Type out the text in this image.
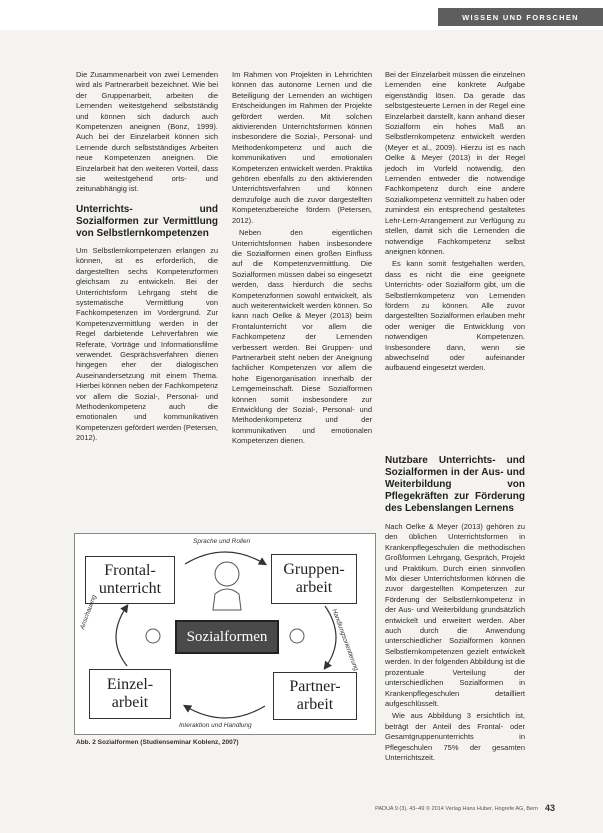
WISSEN UND FORSCHEN

Die Zusammenarbeit von zwei Lernenden wird als Partnerarbeit bezeichnet. Wie bei der Gruppenarbeit, arbeiten die Lernenden weitestgehend selbstständig und können sich dadurch auch Kompetenzen aneignen (Bonz, 1999). Auch bei der Einzelarbeit können sich Lernende durch selbstständiges Arbeiten neue Kompetenzen aneignen. Die Einzelarbeit hat den weiteren Vorteil, dass sie weitestgehend orts- und zeitunabhängig ist.

Unterrichts- und Sozialformen zur Vermittlung von Selbstlernkompetenzen

Um Selbstlernkompetenzen erlangen zu können, ist es erforderlich, die dargestellten sechs Kompetenzformen gleichsam zu entwickeln. Bei der Unterrichtsform Lehrgang steht die systematische Vermittlung von Fachkompetenzen im Vordergrund. Zur Kompetenzvermittlung werden in der Regel darbietende Lehrverfahren wie Referate, Vorträge und Informationsfilme verwendet. Gesprächsverfahren dienen hingegen eher der dialogischen Auseinandersetzung mit einem Thema. Hierbei können neben der Fachkompetenz vor allem die Sozial-, Personal- und Methodenkompetenz auch die emotionalen und kommunikativen Kompetenzen gefördert werden (Petersen, 2012).

Im Rahmen von Projekten in Lehrrichten können das autonome Lernen und die Beteiligung der Lernenden an wichtigen Entscheidungen im Rahmen der Projekte gefördert werden. Mit solchen aktivierenden Unterrichtsformen können insbesondere die Sozial-, Personal- und Methodenkompetenz und auch die kommunikativen und emotionalen Kompetenzen entwickelt werden. Praktika gehören ebenfalls zu den aktivierenden Unterrichtsverfahren und können demzufolge auch die zuvor dargestellten Kompetenzbereiche fördern (Petersen, 2012).

Neben den eigentlichen Unterrichtsformen haben insbesondere die Sozialformen einen großen Einfluss auf die Kompetenzvermittlung. Die Sozialformen müssen dabei so eingesetzt werden, dass hierdurch die sechs Kompetenzformen sowohl entwickelt, als auch weiterentwickelt werden können. So kann nach Oelke & Meyer (2013) beim Frontalunterricht vor allem die Fachkompetenz der Lernenden verbessert werden. Bei Gruppen- und Partnerarbeit steht neben der Aneignung fachlicher Kompetenzen vor allem die hohe Eigenorganisation innerhalb der Lerngemeinschaft. Diese Sozialformen können somit insbesondere zur Entwicklung der Sozial-, Personal- und Methodenkompetenz und der kommunikativen und emotionalen Kompetenzen dienen.

Bei der Einzelarbeit müssen die einzelnen Lernenden eine konkrete Aufgabe eigenständig lösen. Da gerade das selbstgesteuerte Lernen in der Regel eine Einzelarbeit darstellt, kann anhand dieser Sozialform ein hohes Maß an Selbstlernkompetenz entwickelt werden (Meyer et al., 2009). Hierzu ist es nach Oelke & Meyer (2013) in der Regel jedoch im Vorfeld notwendig, den Lernenden entweder die notwendige Fachkompetenz durch eine andere Sozialkompetenz vermittelt zu haben oder zumindest ein entsprechend gestaltetes Lehr-Lern-Arrangement zur Verfügung zu stellen, damit sich die Lernenden die notwendige Fachkompetenz selbst aneignen können.

Es kann somit festgehalten werden, dass es nicht die eine geeignete Unterrichts- oder Sozialform gibt, um die Selbstlernkompetenz von Lernenden fördern zu können. Alle zuvor dargestellten Sozialformen erlauben mehr oder weniger die Entwicklung von notwendigen Kompetenzen. Insbesondere dann, wenn sie abwechselnd oder aufeinander aufbauend eingesetzt werden.

Nutzbare Unterrichts- und Sozialformen in der Aus- und Weiterbildung von Pflegekräften zur Förderung des Lebenslangen Lernens

Nach Oelke & Meyer (2013) gehören zu den üblichen Unterrichtsformen in Krankenpflegeschulen die methodischen Großformen Lehrgang, Gespräch, Projekt und Praktikum. Durch einen sinnvollen Mix dieser Unterrichtsformen können die zuvor dargestellten Kompetenzen zur Förderung der Selbstlernkompetenz in der Aus- und Weiterbildung grundsätzlich entwickelt und erweitert werden. Aber auch durch die Anwendung unterschiedlicher Sozialformen können Selbstlernkompetenzen gezielt entwickelt werden. In der folgenden Abbildung ist die prozentuale Verteilung der unterschiedlichen Sozialformen in Krankenpflegeschulen detailliert aufgeschlüsselt.

Wie aus Abbildung 3 ersichtlich ist, beträgt der Anteil des Frontal- oder Gesamtgruppenunterrichts in Pflegeschulen 75% der gesamten Unterrichtszeit.

Frontal-
unterricht
Gruppen-
arbeit
Einzel-
arbeit
Partner-
arbeit
Sozialformen
Sprache und Rollen
Anschauung	Handlungsorientierung
Interaktion und Handlung
Abb. 2 Sozialformen (Studienseminar Koblenz, 2007)
PADUA 9 (3), 43–49 © 2014 Verlag Hans Huber, Hogrefe AG, Bern 43
